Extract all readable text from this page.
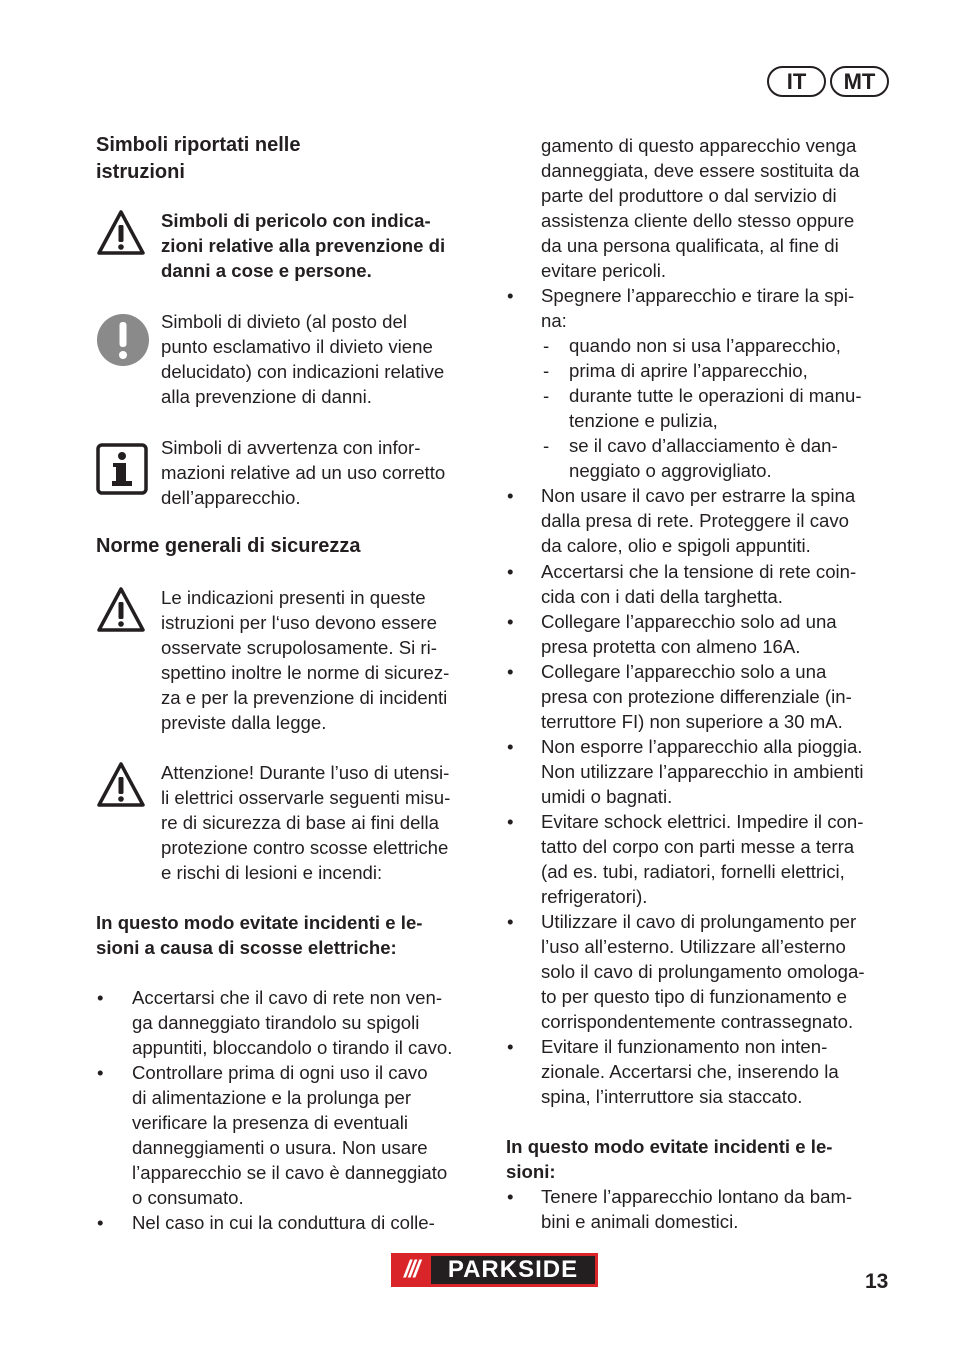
IT	MT
Simboli riportati nelle
istruzioni
Simboli di pericolo con indica-
zioni relative alla prevenzione di
danni a cose e persone.
Simboli di divieto (al posto del
punto esclamativo il divieto viene
delucidato) con indicazioni relative
alla prevenzione di danni.
Simboli di avvertenza con infor-
mazioni relative ad un uso corretto
dell’apparecchio.
Norme generali di sicurezza
Le indicazioni presenti in queste
istruzioni per l‘uso devono essere
osservate scrupolosamente. Si ri-
spettino inoltre le norme di sicurez-
za e per la prevenzione di incidenti
previste dalla legge.
Attenzione! Durante l’uso di utensi-
li elettrici osservarle seguenti misu-
re di sicurezza di base ai fini della
protezione contro scosse elettriche
e rischi di lesioni e incendi:
In questo modo evitate incidenti e le-
sioni a causa di scosse elettriche:
• Accertarsi che il cavo di rete non ven-
ga danneggiato tirandolo su spigoli
appuntiti, bloccandolo o tirando il cavo.
• Controllare prima di ogni uso il cavo
di alimentazione e la prolunga per
verificare la presenza di eventuali
danneggiamenti o usura. Non usare
l’apparecchio se il cavo è danneggiato
o consumato.
• Nel caso in cui la conduttura di colle-
gamento di questo apparecchio venga
danneggiata, deve essere sostituita da
parte del produttore o dal servizio di
assistenza cliente dello stesso oppure
da una persona qualificata, al fine di
evitare pericoli.
• Spegnere l’apparecchio e tirare la spi-
na:
- quando non si usa l’apparecchio,
- prima di aprire l’apparecchio,
- durante tutte le operazioni di manu-
tenzione e pulizia,
- se il cavo d’allacciamento è dan-
neggiato o aggrovigliato.
• Non usare il cavo per estrarre la spina
dalla presa di rete. Proteggere il cavo
da calore, olio e spigoli appuntiti.
• Accertarsi che la tensione di rete coin-
cida con i dati della targhetta.
• Collegare l’apparecchio solo ad una
presa protetta con almeno 16A.
• Collegare l’apparecchio solo a una
presa con protezione differenziale (in-
terruttore FI) non superiore a 30 mA.
• Non esporre l’apparecchio alla pioggia.
Non utilizzare l’apparecchio in ambienti
umidi o bagnati.
• Evitare schock elettrici. Impedire il con-
tatto del corpo con parti messe a terra
(ad es. tubi, radiatori, fornelli elettrici,
refrigeratori).
• Utilizzare il cavo di prolungamento per
l’uso all’esterno. Utilizzare all’esterno
solo il cavo di prolungamento omologa-
to per questo tipo di funzionamento e
corrispondentemente contrassegnato.
• Evitare il funzionamento non inten-
zionale. Accertarsi che, inserendo la
spina, l’interruttore sia staccato.
In questo modo evitate incidenti e le-
sioni:
• Tenere l’apparecchio lontano da bam-
bini e animali domestici.
///	PARKSIDE	13
